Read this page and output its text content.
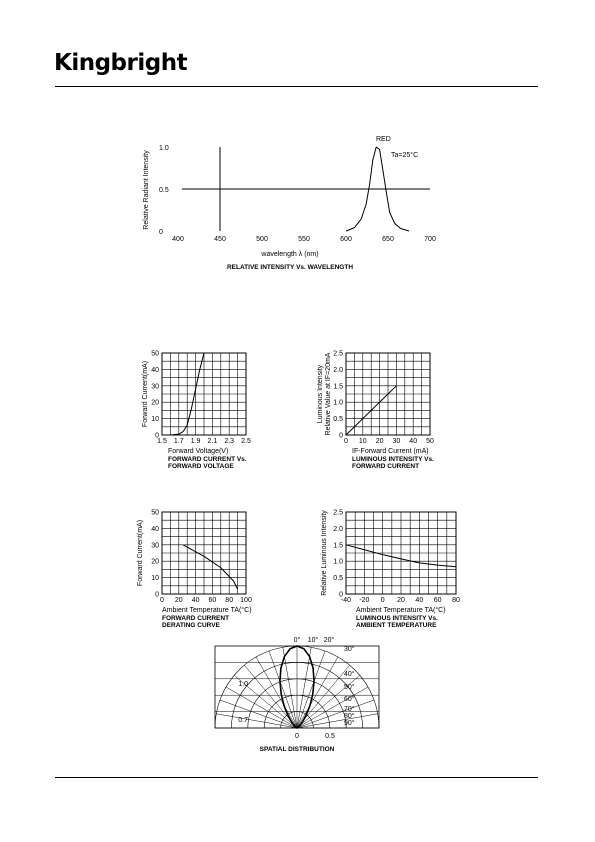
Kingbright
400	450	500	550	600	650	700
0
0.5
1.0
RED
Ta=25°C
wavelength λ (nm)
RELATIVE INTENSITY Vs. WAVELENGTH
Relative Radiant Intensity
1.5 1.7 1.9 2.1 2.3 2.5
0
10
20
30
40
50
Forward Voltage(V)
FORWARD CURRENT Vs.
FORWARD VOLTAGE
Forward Current(mA)
0 10 20 30 40 50
0
0.5
1.0
1.5
2.0
2.5
IF-Forward Current (mA)
LUMINOUS INTENSITY Vs.
FORWARD CURRENT
Luminous Intensity Relative Value at IF=20mA
0 20 40 60 80 100
0
10
20
30
40
50
Ambient Temperature TA(°C)
FORWARD CURRENT
DERATING CURVE
Forward Current(mA)
-40 -20 0 20 40 60 80
0
0.5
1.0
1.5
2.0
2.5
Ambient Temperature TA(°C)
LUMINOUS INTENSITY Vs.
AMBIENT TEMPERATURE
Relative Luminous Intensity
0° 10° 20°
30°
40°
50°
60°
70°
80°
90°
1.0
0.7
0	0.5
SPATIAL DISTRIBUTION
